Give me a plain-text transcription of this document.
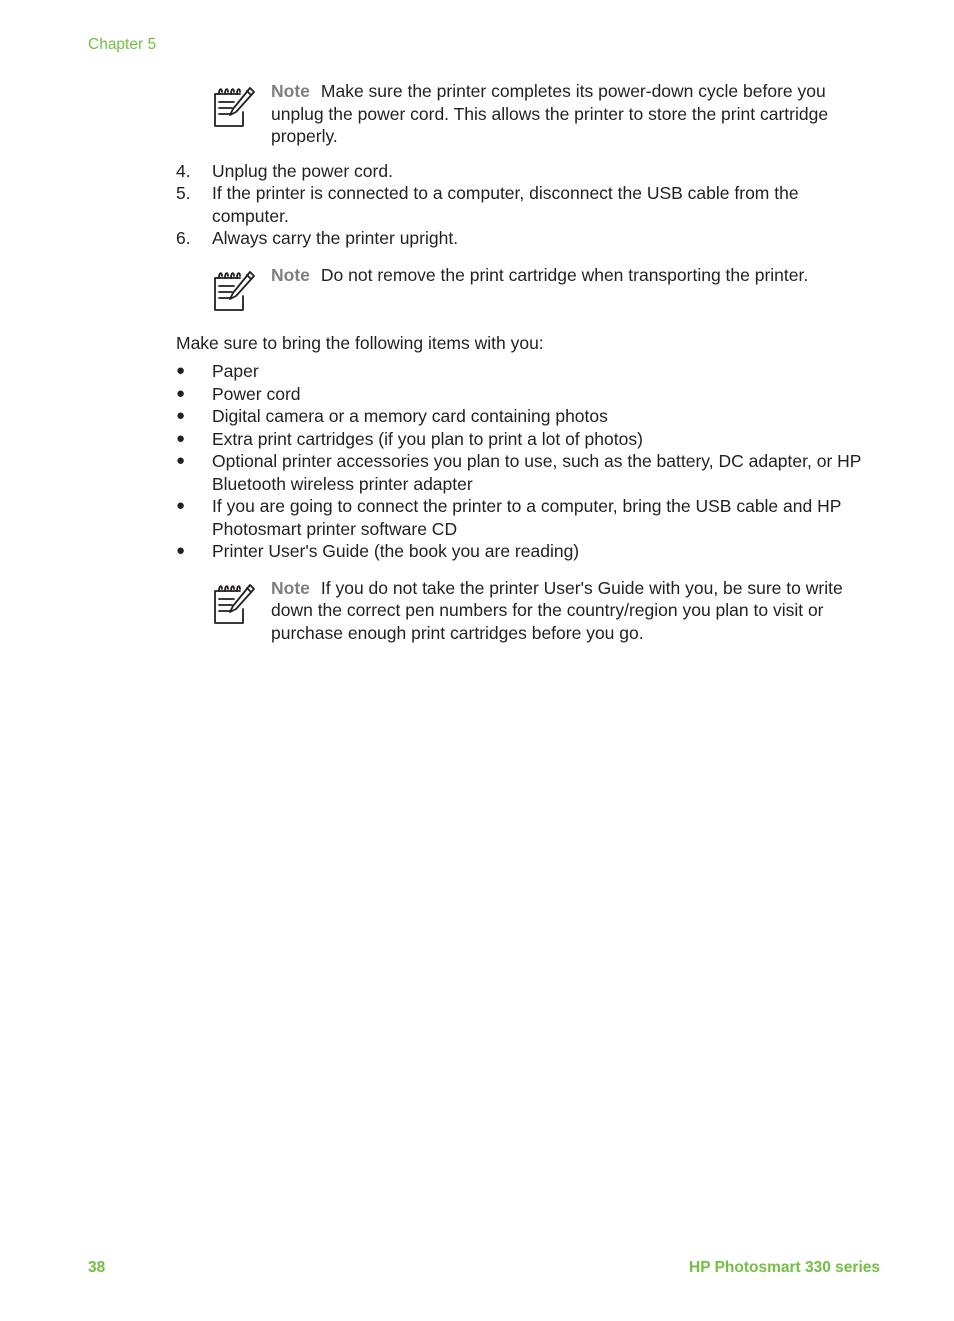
Chapter 5
Note Make sure the printer completes its power-down cycle before you unplug the power cord. This allows the printer to store the print cartridge properly.
4. Unplug the power cord.
5. If the printer is connected to a computer, disconnect the USB cable from the computer.
6. Always carry the printer upright.
Note Do not remove the print cartridge when transporting the printer.
Make sure to bring the following items with you:
● Paper
● Power cord
● Digital camera or a memory card containing photos
● Extra print cartridges (if you plan to print a lot of photos)
● Optional printer accessories you plan to use, such as the battery, DC adapter, or HP Bluetooth wireless printer adapter
● If you are going to connect the printer to a computer, bring the USB cable and HP Photosmart printer software CD
● Printer User's Guide (the book you are reading)
Note If you do not take the printer User's Guide with you, be sure to write down the correct pen numbers for the country/region you plan to visit or purchase enough print cartridges before you go.
38	HP Photosmart 330 series
